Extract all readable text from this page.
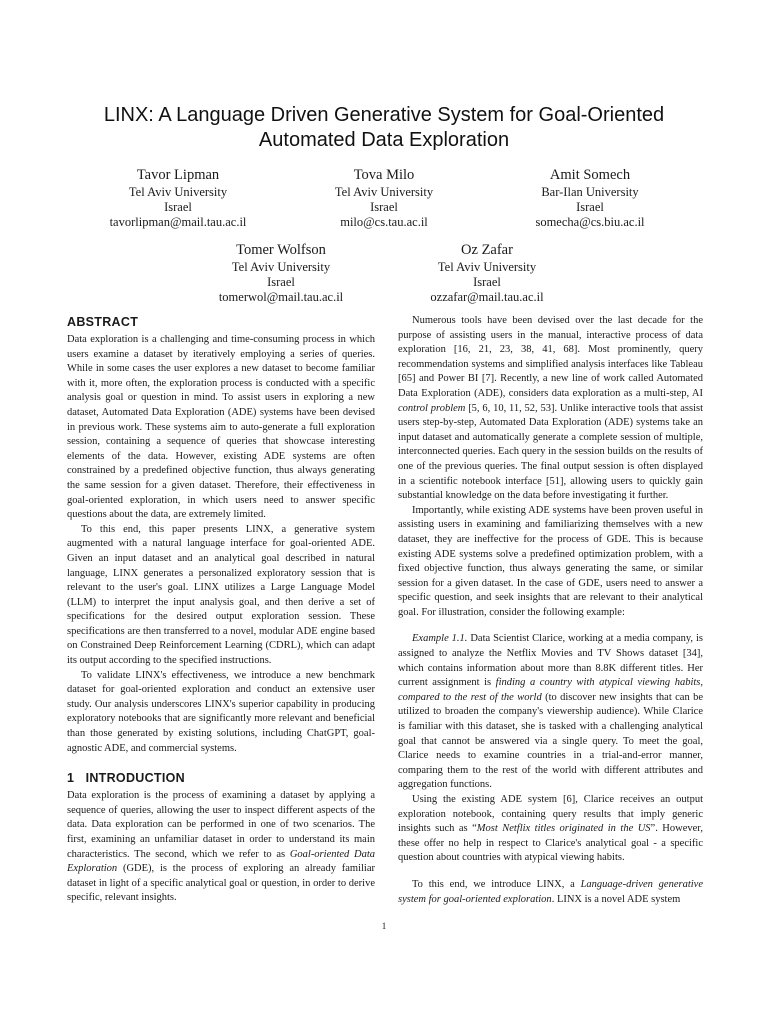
LINX: A Language Driven Generative System for Goal-Oriented
Automated Data Exploration
Tavor Lipman
Tel Aviv University
Israel
tavorlipman@mail.tau.ac.il
Tova Milo
Tel Aviv University
Israel
milo@cs.tau.ac.il
Amit Somech
Bar-Ilan University
Israel
somecha@cs.biu.ac.il
Tomer Wolfson
Tel Aviv University
Israel
tomerwol@mail.tau.ac.il
Oz Zafar
Tel Aviv University
Israel
ozzafar@mail.tau.ac.il
ABSTRACT

Data exploration is a challenging and time-consuming process in which users examine a dataset by iteratively employing a series of queries. While in some cases the user explores a new dataset to become familiar with it, more often, the exploration process is conducted with a specific analysis goal or question in mind. To assist users in exploring a new dataset, Automated Data Exploration (ADE) systems have been devised in previous work. These systems aim to auto-generate a full exploration session, containing a sequence of queries that showcase interesting elements of the data. However, existing ADE systems are often constrained by a predefined objective function, thus always generating the same session for a given dataset. Therefore, their effectiveness in goal-oriented exploration, in which users need to answer specific questions about the data, are extremely limited.

To this end, this paper presents LINX, a generative system augmented with a natural language interface for goal-oriented ADE. Given an input dataset and an analytical goal described in natural language, LINX generates a personalized exploratory session that is relevant to the user's goal. LINX utilizes a Large Language Model (LLM) to interpret the input analysis goal, and then derive a set of specifications for the desired output exploration session. These specifications are then transferred to a novel, modular ADE engine based on Constrained Deep Reinforcement Learning (CDRL), which can adapt its output according to the specified instructions.

To validate LINX's effectiveness, we introduce a new benchmark dataset for goal-oriented exploration and conduct an extensive user study. Our analysis underscores LINX's superior capability in producing exploratory notebooks that are significantly more relevant and beneficial than those generated by existing solutions, including ChatGPT, goal-agnostic ADE, and commercial systems.

1   INTRODUCTION

Data exploration is the process of examining a dataset by applying a sequence of queries, allowing the user to inspect different aspects of the data. Data exploration can be performed in one of two scenarios. The first, examining an unfamiliar dataset in order to understand its main characteristics. The second, which we refer to as Goal-oriented Data Exploration (GDE), is the process of exploring an already familiar dataset in light of a specific analytical goal or question, in order to derive specific, relevant insights.

Numerous tools have been devised over the last decade for the purpose of assisting users in the manual, interactive process of data exploration [16, 21, 23, 38, 41, 68]. Most prominently, query recommendation systems and simplified analysis interfaces like Tableau [65] and Power BI [7]. Recently, a new line of work called Automated Data Exploration (ADE), considers data exploration as a multi-step, AI control problem [5, 6, 10, 11, 52, 53]. Unlike interactive tools that assist users step-by-step, Automated Data Exploration (ADE) systems take an input dataset and automatically generate a complete session of multiple, interconnected queries. Each query in the session builds on the results of one of the previous queries. The final output session is often displayed in a scientific notebook interface [51], allowing users to quickly gain substantial knowledge on the data before investigating it further.

Importantly, while existing ADE systems have been proven useful in assisting users in examining and familiarizing themselves with a new dataset, they are ineffective for the process of GDE. This is because existing ADE systems solve a predefined optimization problem, with a fixed objective function, thus always generating the same, or similar session for a given dataset. In the case of GDE, users need to answer a specific question, and seek insights that are relevant to their analytical goal. For illustration, consider the following example:

Example 1.1. Data Scientist Clarice, working at a media company, is assigned to analyze the Netflix Movies and TV Shows dataset [34], which contains information about more than 8.8K different titles. Her current assignment is finding a country with atypical viewing habits, compared to the rest of the world (to discover new insights that can be utilized to broaden the company's viewership audience). While Clarice is familiar with this dataset, she is tasked with a challenging analytical goal that cannot be answered via a single query. To meet the goal, Clarice needs to examine countries in a trial-and-error manner, comparing them to the rest of the world with different attributes and aggregation functions.

Using the existing ADE system [6], Clarice receives an output exploration notebook, containing query results that imply generic insights such as “Most Netflix titles originated in the US”. However, these offer no help in respect to Clarice's analytical goal - a specific question about countries with atypical viewing habits.

To this end, we introduce LINX, a Language-driven generative system for goal-oriented exploration. LINX is a novel ADE system

1
